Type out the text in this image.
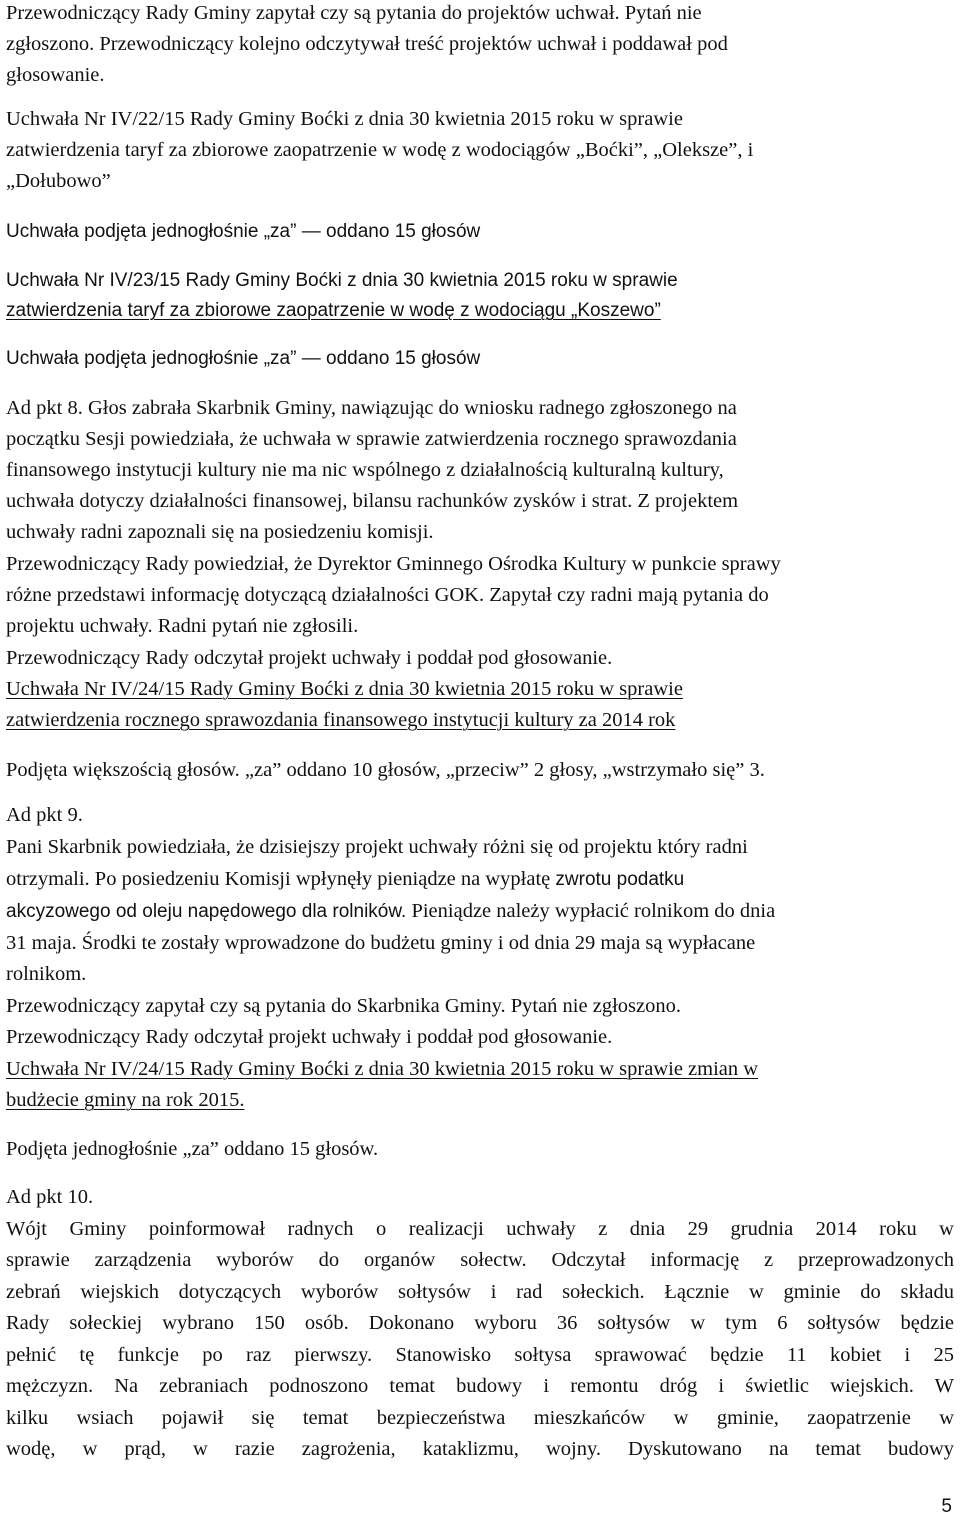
Przewodniczący Rady Gminy zapytał czy są pytania do projektów uchwał. Pytań nie
zgłoszono. Przewodniczący kolejno odczytywał treść projektów uchwał i poddawał pod
głosowanie.
Uchwała Nr IV/22/15 Rady Gminy Boćki z dnia 30 kwietnia 2015 roku w sprawie
zatwierdzenia taryf za zbiorowe zaopatrzenie w wodę z wodociągów „Boćki”, „Oleksze”, i
„Dołubowo”
Uchwała podjęta jednogłośnie „za” — oddano 15 głosów
Uchwała Nr IV/23/15 Rady Gminy Boćki z dnia 30 kwietnia 2015 roku w sprawie
zatwierdzenia taryf za zbiorowe zaopatrzenie w wodę z wodociągu „Koszewo”
Uchwała podjęta jednogłośnie „za” — oddano 15 głosów
Ad pkt 8. Głos zabrała Skarbnik Gminy, nawiązując do wniosku radnego zgłoszonego na
początku Sesji powiedziała, że uchwała w sprawie zatwierdzenia rocznego sprawozdania
finansowego instytucji kultury nie ma nic wspólnego z działalnością kulturalną kultury,
uchwała dotyczy działalności finansowej, bilansu rachunków zysków i strat. Z projektem
uchwały radni zapoznali się na posiedzeniu komisji.
Przewodniczący Rady powiedział, że Dyrektor Gminnego Ośrodka Kultury w punkcie sprawy
różne przedstawi informację dotyczącą działalności GOK. Zapytał czy radni mają pytania do
projektu uchwały. Radni pytań nie zgłosili.
Przewodniczący Rady odczytał projekt uchwały i poddał pod głosowanie.
Uchwała Nr IV/24/15 Rady Gminy Boćki z dnia 30 kwietnia 2015 roku w sprawie
zatwierdzenia rocznego sprawozdania finansowego instytucji kultury za 2014 rok
Podjęta większością głosów. „za” oddano 10 głosów, „przeciw” 2 głosy, „wstrzymało się” 3.
Ad pkt 9.
Pani Skarbnik powiedziała, że dzisiejszy projekt uchwały różni się od projektu który radni
otrzymali. Po posiedzeniu Komisji wpłynęły pieniądze na wypłatę zwrotu podatku
akcyzowego od oleju napędowego dla rolników. Pieniądze należy wypłacić rolnikom do dnia
31 maja. Środki te zostały wprowadzone do budżetu gminy i od dnia 29 maja są wypłacane
rolnikom.
Przewodniczący zapytał czy są pytania do Skarbnika Gminy. Pytań nie zgłoszono.
Przewodniczący Rady odczytał projekt uchwały i poddał pod głosowanie.
Uchwała Nr IV/24/15 Rady Gminy Boćki z dnia 30 kwietnia 2015 roku w sprawie zmian w
budżecie gminy na rok 2015.
Podjęta jednogłośnie „za” oddano 15 głosów.
Ad pkt 10.
Wójt Gminy poinformował radnych o realizacji uchwały z dnia 29 grudnia 2014 roku w
sprawie zarządzenia wyborów do organów sołectw. Odczytał informację z przeprowadzonych
zebrań wiejskich dotyczących wyborów sołtysów i rad sołeckich. Łącznie w gminie do składu
Rady sołeckiej wybrano 150 osób. Dokonano wyboru 36 sołtysów w tym 6 sołtysów będzie
pełnić tę funkcje po raz pierwszy. Stanowisko sołtysa sprawować będzie 11 kobiet i 25
mężczyzn. Na zebraniach podnoszono temat budowy i remontu dróg i świetlic wiejskich. W
kilku wsiach pojawił się temat bezpieczeństwa mieszkańców w gminie, zaopatrzenie w
wodę, w prąd, w razie zagrożenia, kataklizmu, wojny. Dyskutowano na temat budowy
5
